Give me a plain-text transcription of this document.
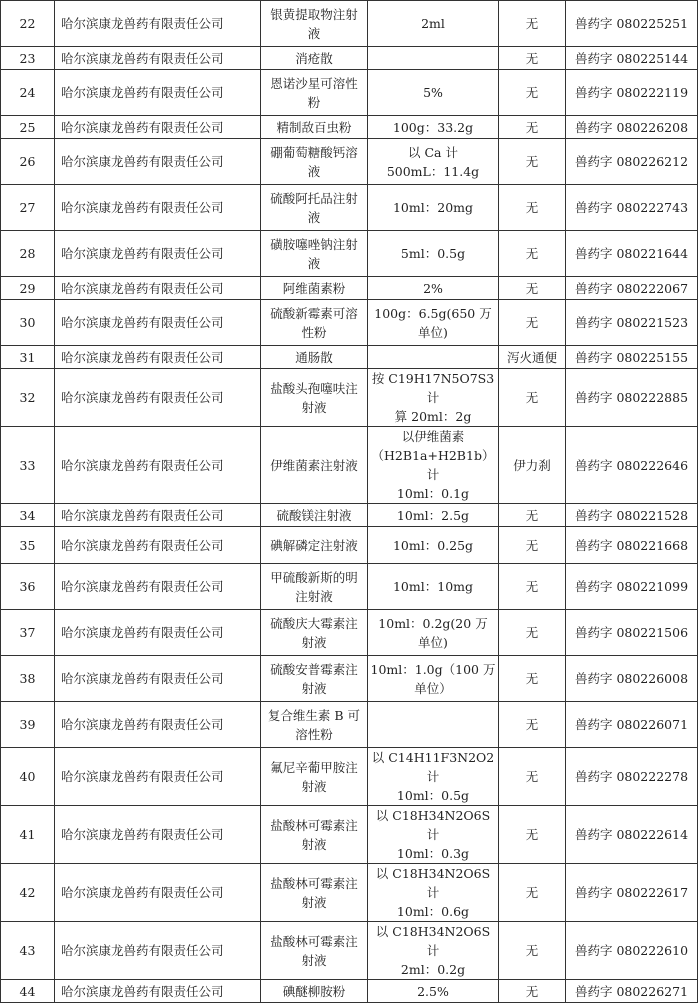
22	哈尔滨康龙兽药有限责任公司	银黄提取物注射
液	2ml	无	兽药字 080225251
23	哈尔滨康龙兽药有限责任公司	消疮散		无	兽药字 080225144
24	哈尔滨康龙兽药有限责任公司	恩诺沙星可溶性
粉	5%	无	兽药字 080222119
25	哈尔滨康龙兽药有限责任公司	精制敌百虫粉	100g：33.2g	无	兽药字 080226208
26	哈尔滨康龙兽药有限责任公司	硼葡萄糖酸钙溶
液	以 Ca 计
500mL：11.4g	无	兽药字 080226212
27	哈尔滨康龙兽药有限责任公司	硫酸阿托品注射
液	10ml：20mg	无	兽药字 080222743
28	哈尔滨康龙兽药有限责任公司	磺胺噻唑钠注射
液	5ml：0.5g	无	兽药字 080221644
29	哈尔滨康龙兽药有限责任公司	阿维菌素粉	2%	无	兽药字 080222067
30	哈尔滨康龙兽药有限责任公司	硫酸新霉素可溶
性粉	100g：6.5g(650 万
单位)	无	兽药字 080221523
31	哈尔滨康龙兽药有限责任公司	通肠散		泻火通便	兽药字 080225155
32	哈尔滨康龙兽药有限责任公司	盐酸头孢噻呋注
射液	按 C19H17N5O7S3 计
算 20ml：2g	无	兽药字 080222885
33	哈尔滨康龙兽药有限责任公司	伊维菌素注射液	以伊维菌素
（H2B1a+H2B1b）计
10ml：0.1g	伊力刹	兽药字 080222646
34	哈尔滨康龙兽药有限责任公司	硫酸镁注射液	10ml：2.5g	无	兽药字 080221528
35	哈尔滨康龙兽药有限责任公司	碘解磷定注射液	10ml：0.25g	无	兽药字 080221668
36	哈尔滨康龙兽药有限责任公司	甲硫酸新斯的明
注射液	10ml：10mg	无	兽药字 080221099
37	哈尔滨康龙兽药有限责任公司	硫酸庆大霉素注
射液	10ml：0.2g(20 万
单位)	无	兽药字 080221506
38	哈尔滨康龙兽药有限责任公司	硫酸安普霉素注
射液	10ml：1.0g（100 万
单位）	无	兽药字 080226008
39	哈尔滨康龙兽药有限责任公司	复合维生素 B 可
溶性粉		无	兽药字 080226071
40	哈尔滨康龙兽药有限责任公司	氟尼辛葡甲胺注
射液	以 C14H11F3N2O2 计
10ml：0.5g	无	兽药字 080222278
41	哈尔滨康龙兽药有限责任公司	盐酸林可霉素注
射液	以 C18H34N2O6S 计
10ml：0.3g	无	兽药字 080222614
42	哈尔滨康龙兽药有限责任公司	盐酸林可霉素注
射液	以 C18H34N2O6S 计
10ml：0.6g	无	兽药字 080222617
43	哈尔滨康龙兽药有限责任公司	盐酸林可霉素注
射液	以 C18H34N2O6S 计
2ml：0.2g	无	兽药字 080222610
44	哈尔滨康龙兽药有限责任公司	碘醚柳胺粉	2.5%	无	兽药字 080226271
